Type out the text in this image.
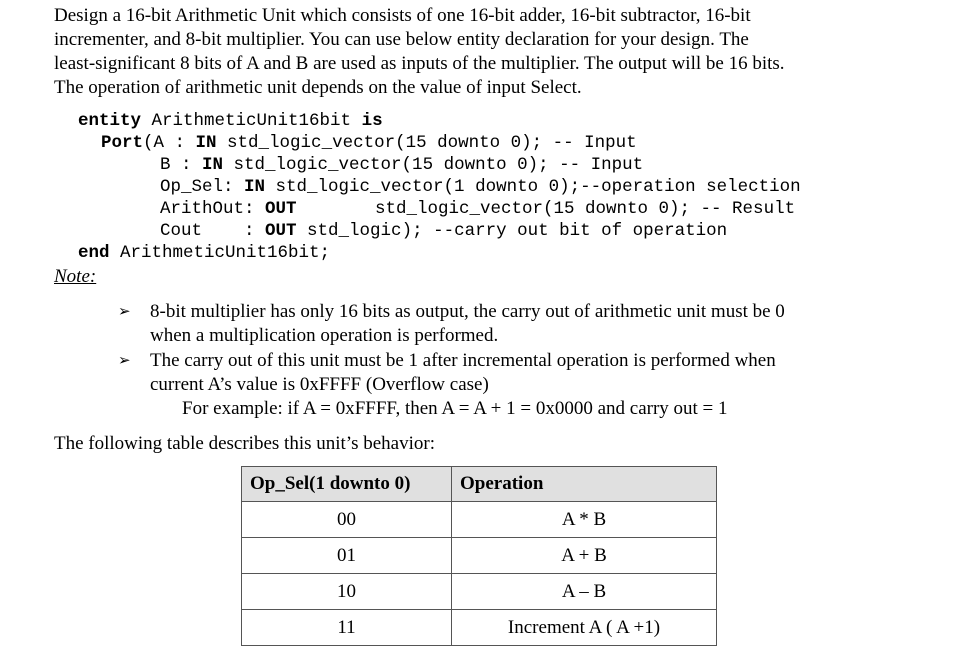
Design a 16-bit Arithmetic Unit which consists of one 16-bit adder, 16-bit subtractor, 16-bit
incrementer, and 8-bit multiplier. You can use below entity declaration for your design. The
least-significant 8 bits of A and B are used as inputs of the multiplier. The output will be 16 bits.
The operation of arithmetic unit depends on the value of input Select.
entity ArithmeticUnit16bit is
Port(A : IN std_logic_vector(15 downto 0); -- Input
B : IN std_logic_vector(15 downto 0); -- Input
Op_Sel: IN std_logic_vector(1 downto 0);--operation selection
ArithOut: OUT	std_logic_vector(15 downto 0); -- Result
Cout    : OUT std_logic); --carry out bit of operation
end ArithmeticUnit16bit;
Note:
➢ 8-bit multiplier has only 16 bits as output, the carry out of arithmetic unit must be 0
when a multiplication operation is performed.
➢ The carry out of this unit must be 1 after incremental operation is performed when
current A’s value is 0xFFFF (Overflow case)
For example: if A = 0xFFFF, then A = A + 1 = 0x0000 and carry out = 1
The following table describes this unit’s behavior:
Op_Sel(1 downto 0)	Operation
00	A * B
01	A + B
10	A – B
11	Increment A ( A +1)
